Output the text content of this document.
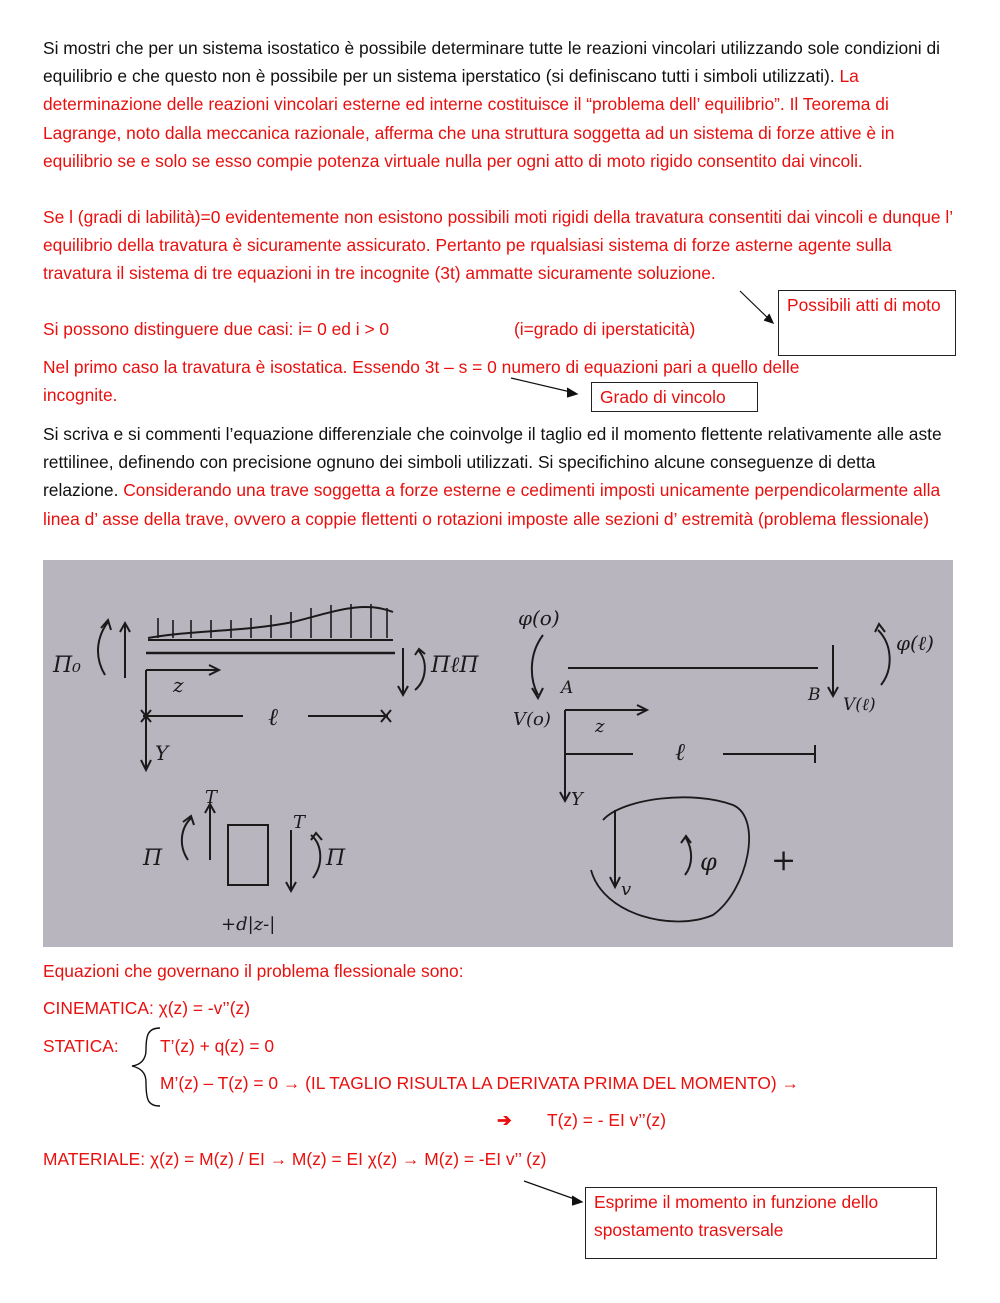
Si mostri che per un sistema isostatico è possibile determinare tutte le reazioni vincolari utilizzando sole condizioni di equilibrio e che questo non è possibile per un sistema iperstatico (si definiscano tutti i simboli utilizzati). La determinazione delle reazioni vincolari esterne ed interne costituisce il “problema dell’ equilibrio”. Il Teorema di Lagrange, noto dalla meccanica razionale, afferma che una struttura soggetta ad un sistema di forze attive è in equilibrio se e solo se esso compie potenza virtuale nulla per ogni atto di moto rigido consentito dai vincoli.

Se l (gradi di labilità)=0 evidentemente non esistono possibili moti rigidi della travatura consentiti dai vincoli e dunque l’ equilibrio della travatura è sicuramente assicurato. Pertanto pe rqualsiasi sistema di forze asterne agente sulla travatura il sistema di tre equazioni in tre incognite (3t) ammatte sicuramente soluzione.

Si possono distinguere due casi: i= 0 ed i > 0	(i=grado di iperstaticità)
Possibili atti di moto
Nel primo caso la travatura è isostatica. Essendo 3t – s = 0 numero di equazioni pari a quello delle
incognite.	Grado di vincolo

Si scriva e si commenti l’equazione differenziale che coinvolge il taglio ed il momento flettente relativamente alle aste rettilinee, definendo con precisione ognuno dei simboli utilizzati. Si specifichino alcune conseguenze di detta relazione. Considerando una trave soggetta a forze esterne e cedimenti imposti unicamente perpendicolarmente alla linea d’ asse della trave, ovvero a coppie flettenti o rotazioni imposte alle sezioni d’ estremità (problema flessionale)

Π₀	ΠℓΠ
z
Y
ℓ
Π
T
T
Π
+d|z-|
φ(o)
A
V(o)
B V(ℓ)
φ(ℓ)
z
Y
ℓ
v
φ +
Equazioni che governano il problema flessionale sono:
CINEMATICA: χ(z) = -v’’(z)
STATICA: T’(z) + q(z) = 0
M’(z) – T(z) = 0 → (IL TAGLIO RISULTA LA DERIVATA PRIMA DEL MOMENTO) →
➔ T(z) = - EI v’’(z)
MATERIALE: χ(z) = M(z) / EI → M(z) = EI χ(z) → M(z) = -EI v’’ (z)
Esprime il momento in funzione dello spostamento trasversale
